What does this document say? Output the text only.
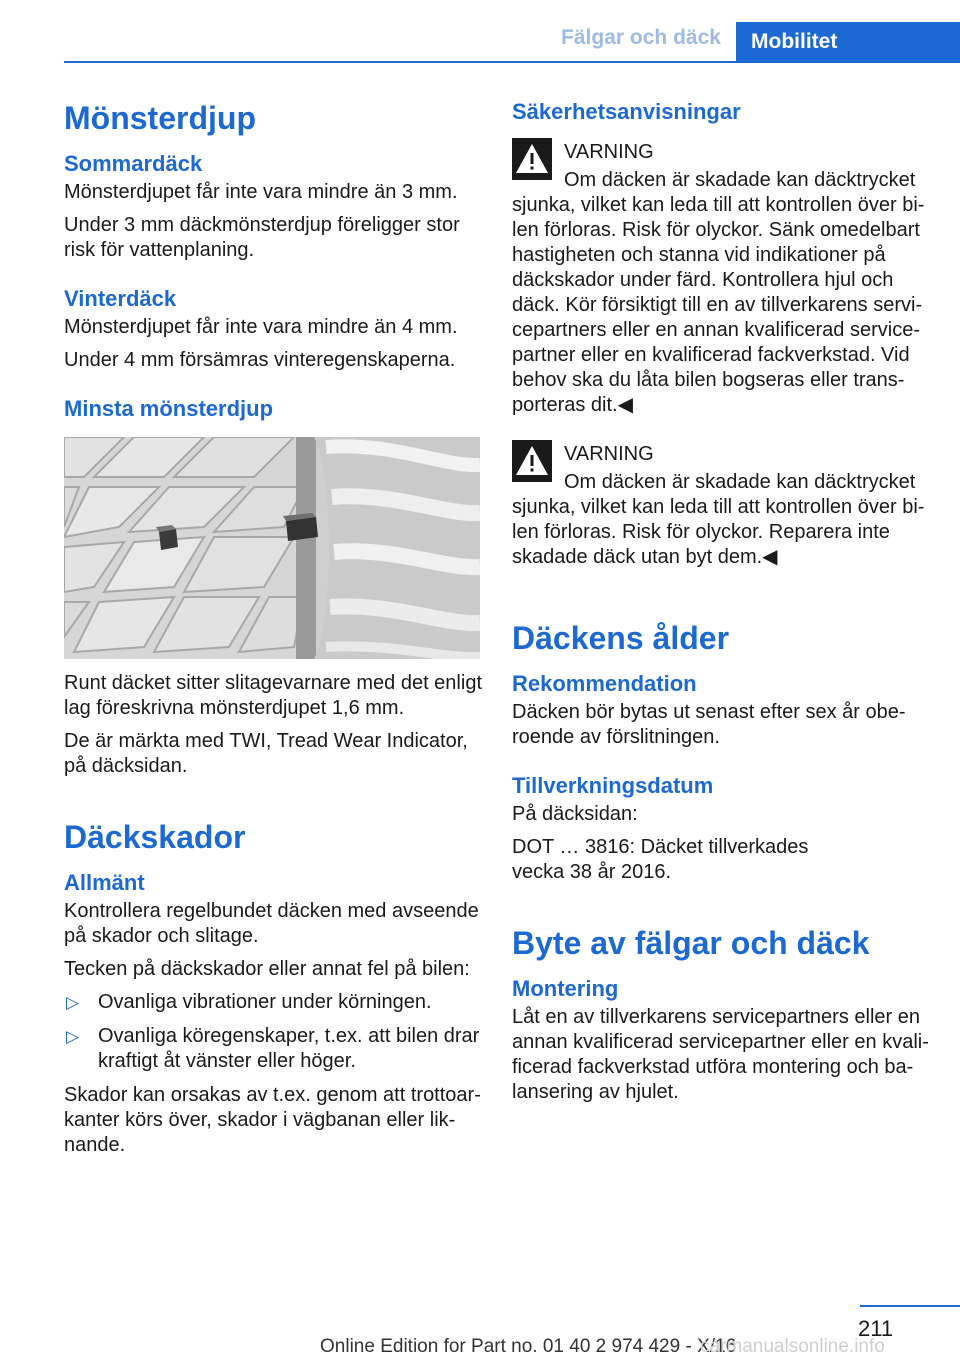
Fälgar och däck	Mobilitet
Mönsterdjup
Sommardäck

Mönsterdjupet får inte vara mindre än 3 mm.

Under 3 mm däckmönsterdjup föreligger stor risk för vattenplaning.

Vinterdäck

Mönsterdjupet får inte vara mindre än 4 mm.

Under 4 mm försämras vinteregenskaperna.

Minsta mönsterdjup

Runt däcket sitter slitagevarnare med det enligt lag föreskrivna mönsterdjupet 1,6 mm.

De är märkta med TWI, Tread Wear Indicator, på däcksidan.

Däckskador
Allmänt

Kontrollera regelbundet däcken med avseende på skador och slitage.

Tecken på däckskador eller annat fel på bilen:

▷ Ovanliga vibrationer under körningen.
▷ Ovanliga köregenskaper, t.ex. att bilen drar kraftigt åt vänster eller höger.

Skador kan orsakas av t.ex. genom att trottoarkanter körs över, skador i vägbanan eller liknande.

Säkerhetsanvisningar
VARNING

Om däcken är skadade kan däcktrycket sjunka, vilket kan leda till att kontrollen över bilen förloras. Risk för olyckor. Sänk omedelbart hastigheten och stanna vid indikationer på däckskador under färd. Kontrollera hjul och däck. Kör försiktigt till en av tillverkarens servicepartners eller en annan kvalificerad servicepartner eller en kvalificerad fackverkstad. Vid behov ska du låta bilen bogseras eller transporteras dit.◀

VARNING

Om däcken är skadade kan däcktrycket sjunka, vilket kan leda till att kontrollen över bilen förloras. Risk för olyckor. Reparera inte skadade däck utan byt dem.◀

Däckens ålder
Rekommendation

Däcken bör bytas ut senast efter sex år oberoende av förslitningen.

Tillverkningsdatum

På däcksidan:

DOT … 3816: Däcket tillverkades vecka 38 år 2016.

Byte av fälgar och däck
Montering

Låt en av tillverkarens servicepartners eller en annan kvalificerad servicepartner eller en kvalificerad fackverkstad utföra montering och balansering av hjulet.

211
Online Edition for Part no. 01 40 2 974 429 - X/16
carmanualsonline.info
